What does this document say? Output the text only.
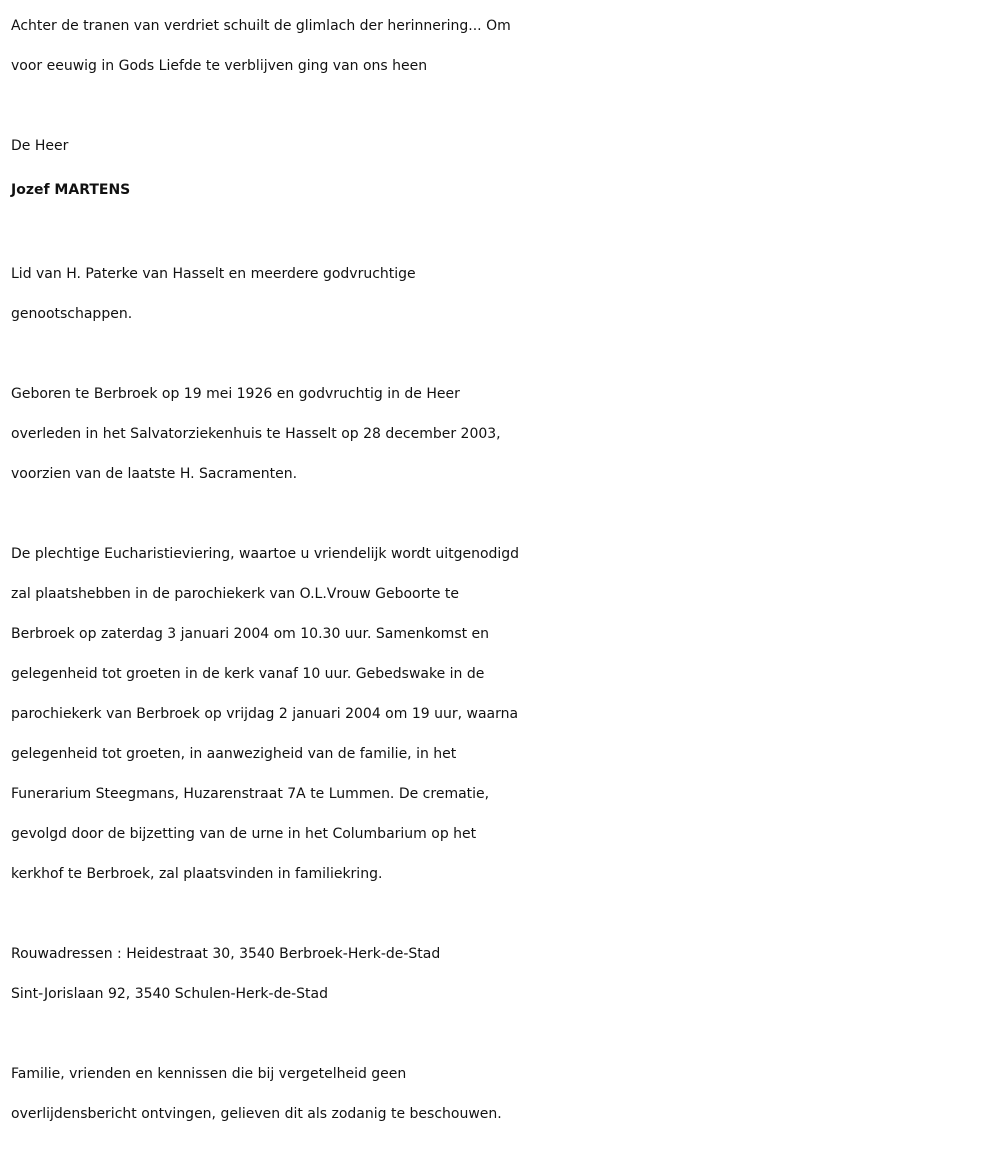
Achter de tranen van verdriet schuilt de glimlach der herinnering... Om
voor eeuwig in Gods Liefde te verblijven ging van ons heen
De Heer
Jozef MARTENS
Lid van H. Paterke van Hasselt en meerdere godvruchtige
genootschappen.
Geboren te Berbroek op 19 mei 1926 en godvruchtig in de Heer
overleden in het Salvatorziekenhuis te Hasselt op 28 december 2003,
voorzien van de laatste H. Sacramenten.
De plechtige Eucharistieviering, waartoe u vriendelijk wordt uitgenodigd
zal plaatshebben in de parochiekerk van O.L.Vrouw Geboorte te
Berbroek op zaterdag 3 januari 2004 om 10.30 uur. Samenkomst en
gelegenheid tot groeten in de kerk vanaf 10 uur. Gebedswake in de
parochiekerk van Berbroek op vrijdag 2 januari 2004 om 19 uur, waarna
gelegenheid tot groeten, in aanwezigheid van de familie, in het
Funerarium Steegmans, Huzarenstraat 7A te Lummen. De crematie,
gevolgd door de bijzetting van de urne in het Columbarium op het
kerkhof te Berbroek, zal plaatsvinden in familiekring.
Rouwadressen : Heidestraat 30, 3540 Berbroek-Herk-de-Stad
Sint-Jorislaan 92, 3540 Schulen-Herk-de-Stad
Familie, vrienden en kennissen die bij vergetelheid geen
overlijdensbericht ontvingen, gelieven dit als zodanig te beschouwen.
